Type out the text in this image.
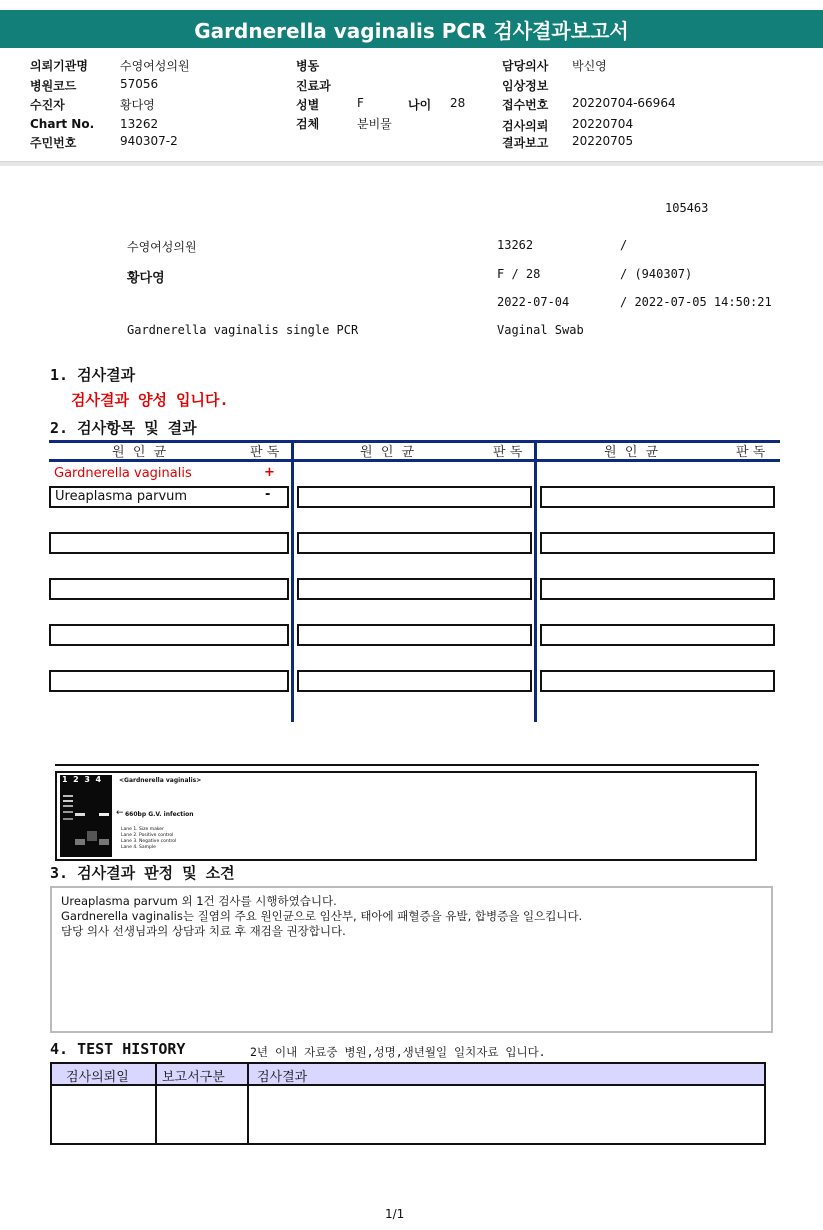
Gardnerella vaginalis PCR 검사결과보고서
의뢰기관명	수영여성의원
병원코드	57056
수진자	황다영
Chart No. 13262
주민번호	940307-2
병동
진료과
성별	F	나이 28
검체	분비물
담당의사 박신영
임상정보
접수번호 20220704-66964
검사의뢰 20220704
결과보고 20220705
105463
수영여성의원	13262	/
황다영	F / 28	/ (940307)
2022-07-04	/ 2022-07-05 14:50:21
Gardnerella vaginalis single PCR	Vaginal Swab
1. 검사결과
검사결과 양성 입니다.
2. 검사항목 및 결과
원  인  균	판 독	원  인  균	판 독	원  인  균	판 독
Gardnerella vaginalis	+
Ureaplasma parvum	-
←
1 2 3 4	<Gardnerella vaginalis>
660bp G.V. infection
Lane 1. Size maker
Lane 2. Positive control
Lane 3. Negative control
Lane 4. Sample
3. 검사결과 판정 및 소견
Ureaplasma parvum 외 1건 검사를 시행하였습니다.
Gardnerella vaginalis는 질염의 주요 원인균으로 임산부, 태아에 패혈증을 유발, 합병증을 일으킵니다.
담당 의사 선생님과의 상담과 치료 후 재검을 권장합니다.
4. TEST HISTORY	2년 이내 자료중 병원,성명,생년월일 일치자료 입니다.
검사의뢰일	보고서구분 검사결과
1/1
